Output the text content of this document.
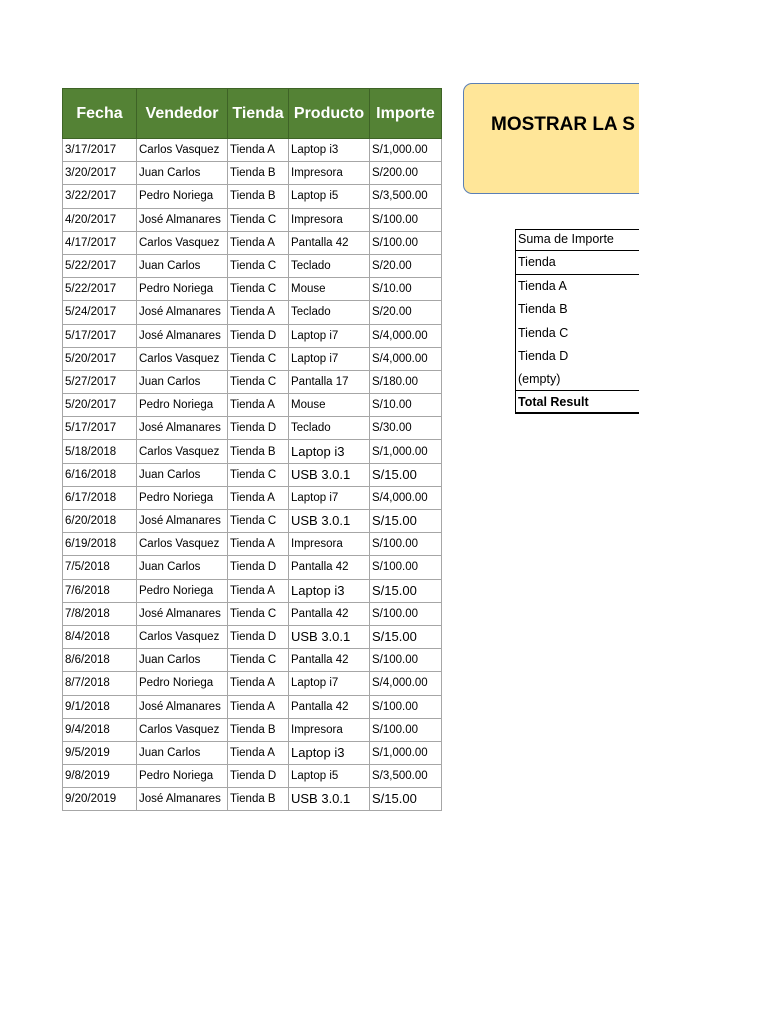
Fecha	Vendedor	Tienda	Producto	Importe
3/17/2017	Carlos Vasquez	Tienda A	Laptop i3	S/1,000.00
3/20/2017	Juan Carlos	Tienda B	Impresora	S/200.00
3/22/2017	Pedro Noriega	Tienda B	Laptop i5	S/3,500.00
4/20/2017	José Almanares	Tienda C	Impresora	S/100.00
4/17/2017	Carlos Vasquez	Tienda A	Pantalla 42	S/100.00
5/22/2017	Juan Carlos	Tienda C	Teclado	S/20.00
5/22/2017	Pedro Noriega	Tienda C	Mouse	S/10.00
5/24/2017	José Almanares	Tienda A	Teclado	S/20.00
5/17/2017	José Almanares	Tienda D	Laptop i7	S/4,000.00
5/20/2017	Carlos Vasquez	Tienda C	Laptop i7	S/4,000.00
5/27/2017	Juan Carlos	Tienda C	Pantalla 17	S/180.00
5/20/2017	Pedro Noriega	Tienda A	Mouse	S/10.00
5/17/2017	José Almanares	Tienda D	Teclado	S/30.00
5/18/2018	Carlos Vasquez	Tienda B	Laptop i3	S/1,000.00
6/16/2018	Juan Carlos	Tienda C	USB 3.0.1	S/15.00
6/17/2018	Pedro Noriega	Tienda A	Laptop i7	S/4,000.00
6/20/2018	José Almanares	Tienda C	USB 3.0.1	S/15.00
6/19/2018	Carlos Vasquez	Tienda A	Impresora	S/100.00
7/5/2018	Juan Carlos	Tienda D	Pantalla 42	S/100.00
7/6/2018	Pedro Noriega	Tienda A	Laptop i3	S/15.00
7/8/2018	José Almanares	Tienda C	Pantalla 42	S/100.00
8/4/2018	Carlos Vasquez	Tienda D	USB 3.0.1	S/15.00
8/6/2018	Juan Carlos	Tienda C	Pantalla 42	S/100.00
8/7/2018	Pedro Noriega	Tienda A	Laptop i7	S/4,000.00
9/1/2018	José Almanares	Tienda A	Pantalla 42	S/100.00
9/4/2018	Carlos Vasquez	Tienda B	Impresora	S/100.00
9/5/2019	Juan Carlos	Tienda A	Laptop i3	S/1,000.00
9/8/2019	Pedro Noriega	Tienda D	Laptop i5	S/3,500.00
9/20/2019	José Almanares	Tienda B	USB 3.0.1	S/15.00
MOSTRAR LA S
Suma de Importe
Tienda
Tienda A
Tienda B
Tienda C
Tienda D
(empty)
Total Result
